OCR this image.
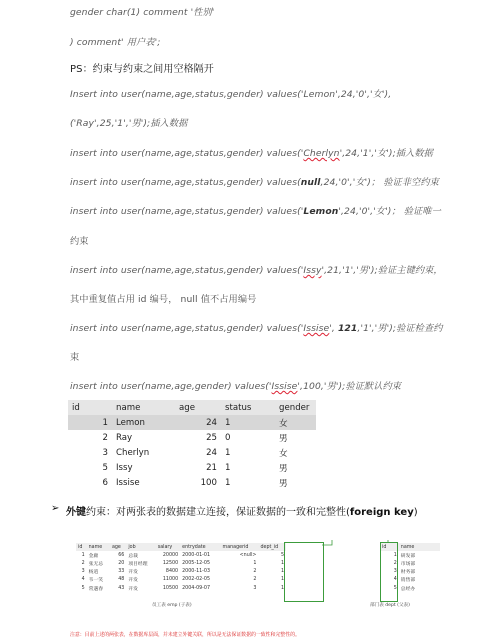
gender char(1) comment '性别'
) comment' 用户表';
PS：约束与约束之间用空格隔开
Insert into user(name,age,status,gender) values('Lemon',24,'0','女'),
('Ray',25,'1','男');插入数据
insert into user(name,age,status,gender) values('Cherlyn',24,'1','女');插入数据
insert into user(name,age,status,gender) values(null,24,'0','女')； 验证非空约束
insert into user(name,age,status,gender) values('Lemon',24,'0','女')； 验证唯一
约束
insert into user(name,age,status,gender) values('Issy',21,'1','男');验证主键约束，
其中重复值占用 id 编号， null 值不占用编号
insert into user(name,age,status,gender) values('Issise', 121,'1','男');验证检查约
束
insert into user(name,age,gender) values('Issise',100,'男');验证默认约束
id	name	age	status	gender
1	Lemon	24	1	女
2	Ray	25	0	男
3	Cherlyn	24	1	女
5	Issy	21	1	男
6	Issise	100	1	男
➢ 外键约束：对两张表的数据建立连接，保证数据的一致和完整性(foreign key)
id	name	age	job	salary	entrydate	managerid	dept_id
1	金庸	66	总裁	20000	2000-01-01	<null>	5
2	张无忌	20	项目经理	12500	2005-12-05	1	1
3	杨逍	33	开发	8400	2000-11-03	2	1
4	韦一笑	48	开发	11000	2002-02-05	2	1
5	常遇春	43	开发	10500	2004-09-07	3	1
id	name
1	研发部
2	市场部
3	财务部
4	销售部
5	总经办
员工表 emp (子表)	部门表 dept (父表)
注意：目前上述的两张表，在数据库层面，并未建立外键关联，所以是无法保证数据的一致性和完整性的。
